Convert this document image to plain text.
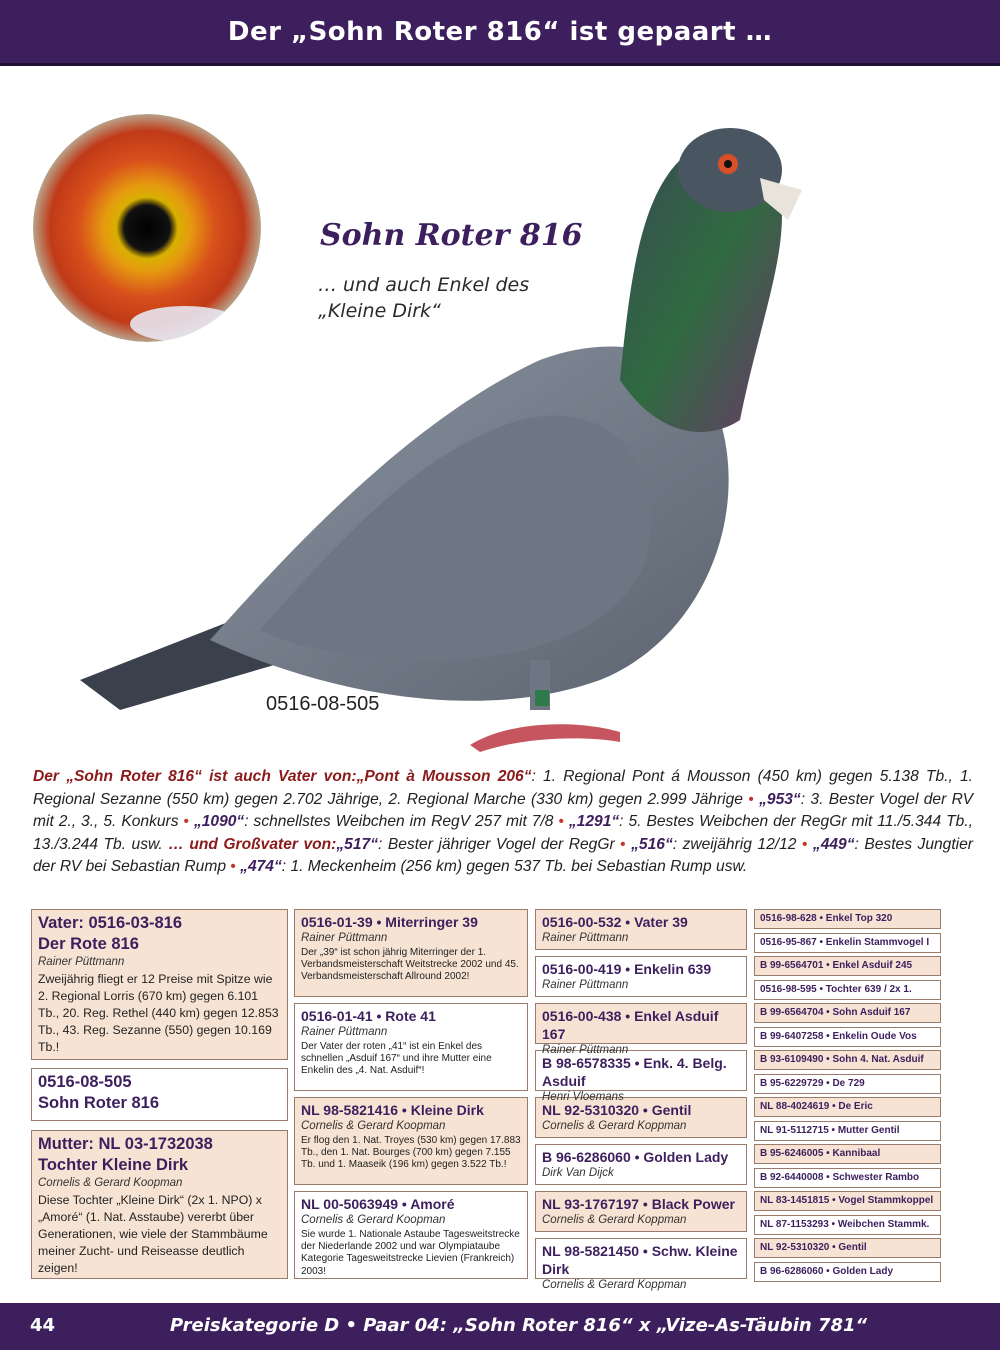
Der „Sohn Roter 816“ ist gepaart …
Sohn Roter 816
… und auch Enkel des
„Kleine Dirk“
0516-08-505
Der „Sohn Roter 816“ ist auch Vater von:„Pont à Mousson 206“: 1. Regional Pont á Mousson (450 km) gegen 5.138 Tb., 1. Regional Sezanne (550 km) gegen 2.702 Jährige, 2. Regional Marche (330 km) gegen 2.999 Jährige • „953“: 3. Bester Vogel der RV mit 2., 3., 5. Konkurs • „1090“: schnellstes Weibchen im RegV 257 mit 7/8 • „1291“: 5. Bestes Weibchen der RegGr mit 11./5.344 Tb., 13./3.244 Tb. usw. … und Großvater von:„517“: Bester jähriger Vogel der RegGr • „516“: zweijährig 12/12 • „449“: Bestes Jungtier der RV bei Sebastian Rump • „474“: 1. Meckenheim (256 km) gegen 537 Tb. bei Sebastian Rump usw.
Vater: 0516-03-816
Der Rote 816
Rainer Püttmann
Zweijährig fliegt er 12 Preise mit Spitze wie 2. Regional Lorris (670 km) gegen 6.101 Tb., 20. Reg. Rethel (440 km) gegen 12.853 Tb., 43. Reg. Sezanne (550) gegen 10.169 Tb.!
0516-08-505
Sohn Roter 816
Mutter: NL 03-1732038
Tochter Kleine Dirk
Cornelis & Gerard Koopman
Diese Tochter „Kleine Dirk“ (2x 1. NPO) x „Amoré“ (1. Nat. Asstaube) vererbt über Generationen, wie viele der Stammbäume meiner Zucht- und Reiseasse deutlich zeigen!
0516-01-39 • Miterringer 39
Rainer Püttmann
Der „39“ ist schon jährig Miterringer der 1. Verbandsmeisterschaft Weitstrecke 2002 und 45. Verbandsmeisterschaft Allround 2002!
0516-01-41 • Rote 41
Rainer Püttmann
Der Vater der roten „41“ ist ein Enkel des schnellen „Asduif 167“ und ihre Mutter eine Enkelin des „4. Nat. Asduif“!
NL 98-5821416 • Kleine Dirk
Cornelis & Gerard Koopman
Er flog den 1. Nat. Troyes (530 km) gegen 17.883 Tb., den 1. Nat. Bourges (700 km) gegen 7.155 Tb. und 1. Maaseik (196 km) gegen 3.522 Tb.!
NL 00-5063949 • Amoré
Cornelis & Gerard Koopman
Sie wurde 1. Nationale Astaube Tagesweitstrecke der Niederlande 2002 und war Olympiataube Kategorie Tagesweitstrecke Lievien (Frankreich) 2003!
0516-00-532 • Vater 39
Rainer Püttmann
0516-00-419 • Enkelin 639
Rainer Püttmann
0516-00-438 • Enkel Asduif 167
Rainer Püttmann
B 98-6578335 • Enk. 4. Belg. Asduif
Henri Vloemans
NL 92-5310320 • Gentil
Cornelis & Gerard Koppman
B 96-6286060 • Golden Lady
Dirk Van Dijck
NL 93-1767197 • Black Power
Cornelis & Gerard Koppman
NL 98-5821450 • Schw. Kleine Dirk
Cornelis & Gerard Koppman
0516-98-628 • Enkel Top 320
0516-95-867 • Enkelin Stammvogel I
B 99-6564701 • Enkel Asduif 245
0516-98-595 • Tochter 639 / 2x 1.
B 99-6564704 • Sohn Asduif 167
B 99-6407258 • Enkelin Oude Vos
B 93-6109490 • Sohn 4. Nat. Asduif
B 95-6229729 • De 729
NL 88-4024619 • De Eric
NL 91-5112715 • Mutter Gentil
B 95-6246005 • Kannibaal
B 92-6440008 • Schwester Rambo
NL 83-1451815 • Vogel Stammkoppel
NL 87-1153293 • Weibchen Stammk.
NL 92-5310320 • Gentil
B 96-6286060 • Golden Lady
44	Preiskategorie D • Paar 04: „Sohn Roter 816“ x „Vize-As-Täubin 781“
